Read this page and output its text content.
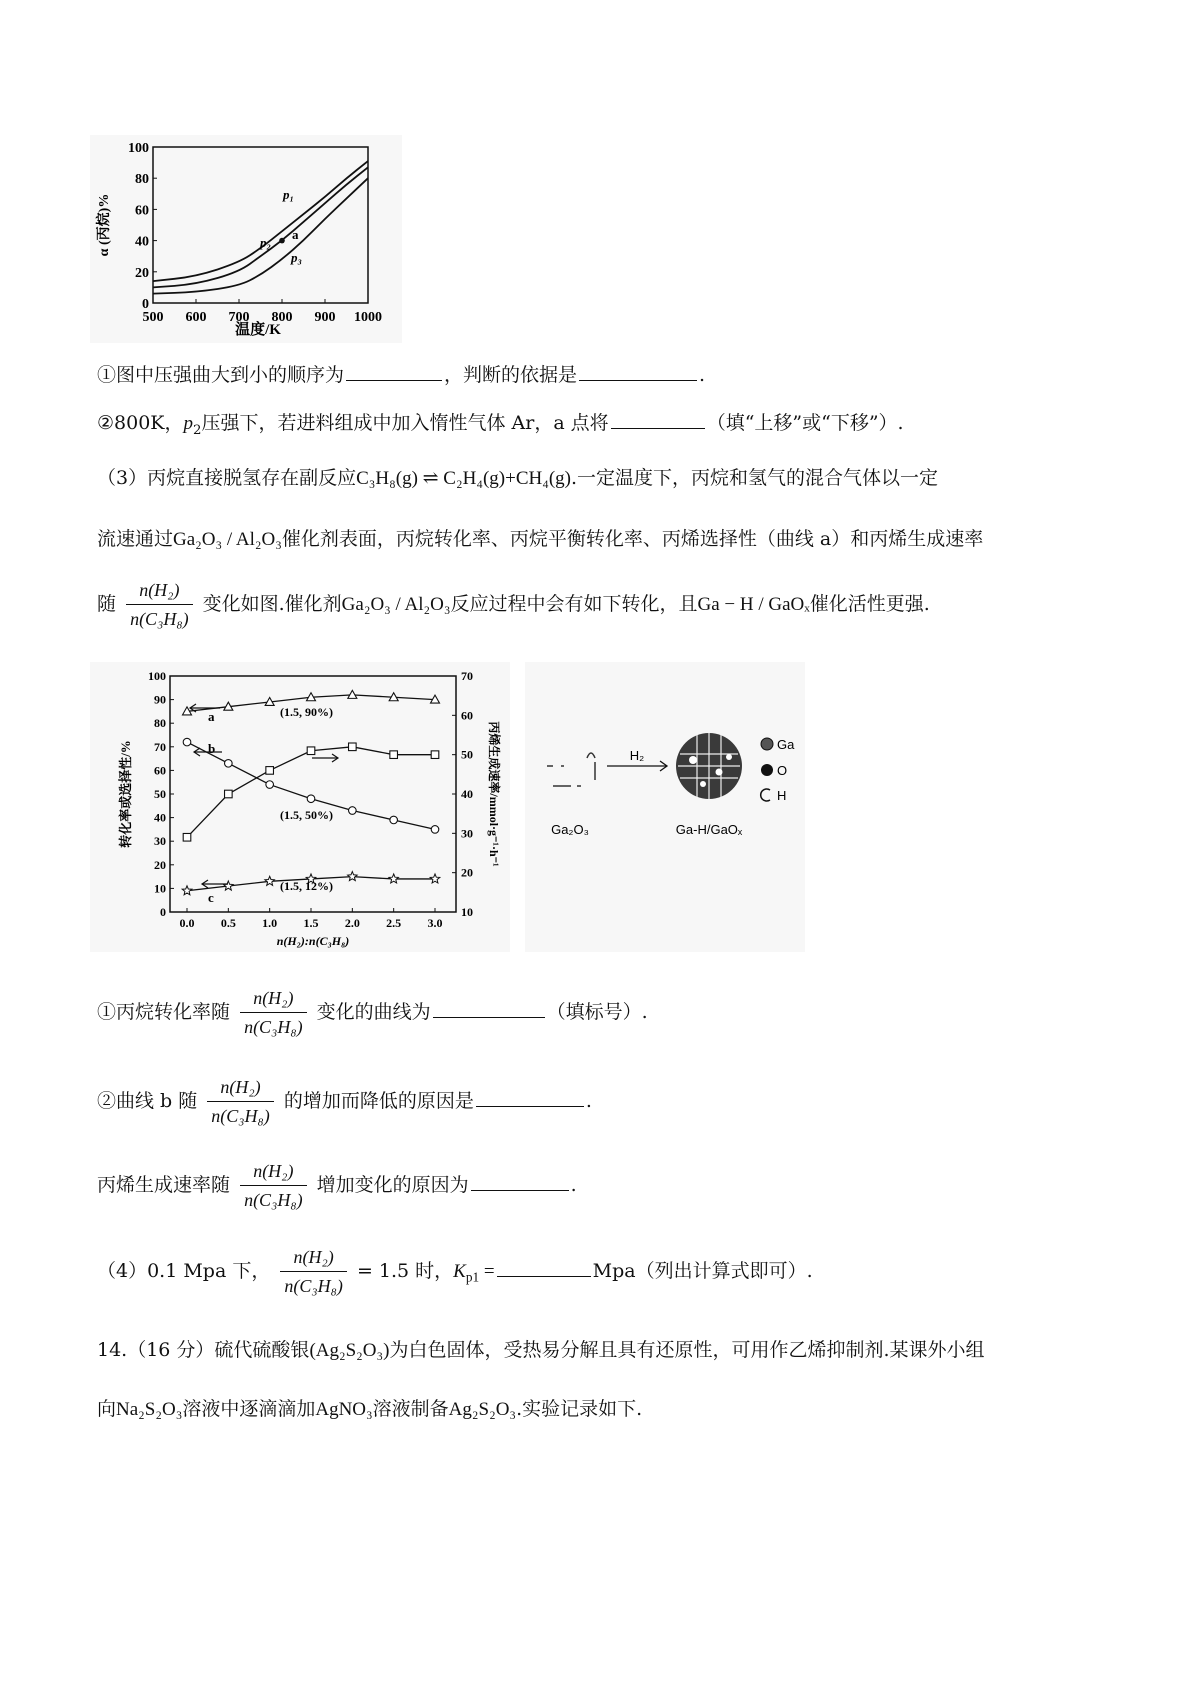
100
80
60
40
20
0
500 600 700 800 900 1000
α (丙烷)%
温度/K
p₁
p₂
p₃
a
①图中压强曲大到小的顺序为	，判断的依据是	.
②800K，$p_2$压强下，若进料组成中加入惰性气体 Ar，a 点将	（填“上移”或“下移”）.
（3）丙烷直接脱氢存在副反应C₃H₈(g) ⇌ C₂H₄(g)+CH₄(g).一定温度下，丙烷和氢气的混合气体以一定
流速通过Ga₂O₃ / Al₂O₃催化剂表面，丙烷转化率、丙烷平衡转化率、丙烯选择性（曲线 a）和丙烯生成速率
随 $\frac{\text{n(H₂)}}{\text{n(C₃H₈)}}$ 变化如图.催化剂Ga₂O₃ / Al₂O₃反应过程中会有如下转化，且Ga − H / GaOₓ催化活性更强.
100
90
80
70
60
50
40
30
20
10
0
70
60
50
40
30
20
10
0.0 0.5 1.0 1.5 2.0 2.5 3.0
转化率或选择性/%	丙烯生成速率/mmol·g⁻¹·h⁻¹
n(H₂):n(C₃H₈)
a
b
c
(1.5, 90%)
(1.5, 50%)
(1.5, 12%)
Ga₂O₃
H₂
Ga-H/GaOₓ
Ga
O
H
①丙烷转化率随 $\frac{\text{n(H₂)}}{\text{n(C₃H₈)}}$ 变化的曲线为	（填标号）.
②曲线 b 随 $\frac{\text{n(H₂)}}{\text{n(C₃H₈)}}$ 的增加而降低的原因是	.
丙烯生成速率随 $\frac{\text{n(H₂)}}{\text{n(C₃H₈)}}$ 增加变化的原因为	.
（4）0.1 Mpa 下， $\frac{\text{n(H₂)}}{\text{n(C₃H₈)}} = 1.5$ 时，$K_{p1}$ =	Mpa（列出计算式即可）.
14.（16 分）硫代硫酸银(Ag₂S₂O₃)为白色固体，受热易分解且具有还原性，可用作乙烯抑制剂.某课外小组
向Na₂S₂O₃溶液中逐滴滴加AgNO₃溶液制备Ag₂S₂O₃.实验记录如下.
